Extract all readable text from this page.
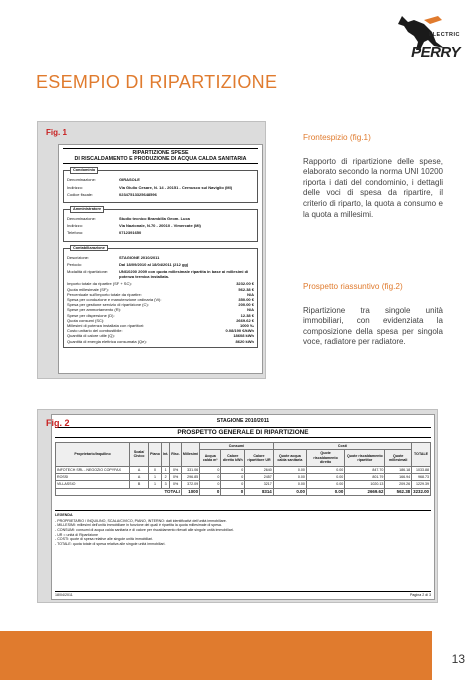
ELECTRIC
PERRY
ESEMPIO DI RIPARTIZIONE
Fig. 1
RIPARTIZIONE SPESE
DI RISCALDAMENTO E PRODUZIONE DI ACQUA CALDA SANITARIA
Condominio
Denominazione:	GIRASOLE
Indirizzo:	Via Giulio Cesare, N. 14 - 20151 - Cernusco sul Naviglio (MI)
Codice fiscale:	02347513325648596
Amministratore
Denominazione:	Studio tecnico Brambilla Geom. Luca
Indirizzo:	Via Nazionale, N.70 - 20010 - Vimercate (MI)
Telefono:	0712391650
Contabilizzazione
Descrizione:	STAGIONE 2010/2011
Periodo:	Dal 18/09/2010 al 18/04/2011 (212 gg)
Modalità di ripartizione:	UNI10200 2009 con quota millesimale ripartita in base ai millesimi di potenza termica installata.
Importo totale da ripartire (SF + SC):	3232.00 €
Quota millesimale (SF):	562.38 €
Percentuale sull'importo totale da ripartire:	N/A
Spesa per conduzione e manutenzione ordinaria (Vi):	350.00 €
Spesa per gestione servizio di ripartizione (C):	200.00 €
Spese per ammortamento (R):	N/A
Spese per dispersione (D):	12.38 €
Quota consumi (SC):	2669.62 €
Millesimi di potenza installata con ripartitori:	1000 ‰
Costo unitario del combustibile:	0.08/190 €/kWh
Quantità di calore utile (Q):	18608 kWh
Quantità di energia elettrica consumata (Qe):	8620 kWh
Frontespizio (fig.1)
Rapporto di ripartizione delle spese, elaborato secondo la norma UNI 10200 riporta i dati del condominio, i dettagli delle voci di spesa da ripartire, il criterio di riparto, la quota a consumo e la quota a millesimi.
Prospetto riassuntivo (fig.2)
Ripartizione tra singole unità immobiliari, con evidenziata la composizione della spesa per singola voce, radiatore per radiatore.
STAGIONE 2010/2011
PROSPETTO GENERALE DI RIPARTIZIONE
Proprietario/Inquilino	Scala/ Civico	Piano	Int.	Risc.	Millesimi	Consumi			Costi				TOTALE
						Acqua calda m³	Calore diretto kWh	Calore ripartitore UR	Quote acqua calda sanitaria	Quote riscaldamento diretto	Quote riscaldamento ripartitor	Quote millesimali	
INFOTECH SRL - NEGOZIO COPYFAX	A	0	1	0%	331.06	0	0	2640	0.00	0.00	847.70	186.18	1033.88
ROSSI	A	1	2	0%	296.85	0	0	2457	0.00	0.00	801.79	166.94	968.73
VILLASSIO	B	1	3	0%	372.09	0	0	3217	0.00	0.00	1020.13	209.26	1229.39
TOTALI					1000	0	0	8314	0.00	0.00	2669.62	562.38	3232.00
LEGENDA
- PROPRIETARIO / INQUILINO, SCALA/CIVICO, PIANO, INTERNO: dati identificativi dell'unità immobiliare.
- MILLESIMI: millesimi dell'unità immobiliare in funzione dei quali è ripartita la quota millesimale di spesa.
- CONSUMI: consumi di acqua calda sanitaria e di calore per riscaldamento rilevati alle singole unità immobiliari.
- UR = unità di Ripartizione
- COSTI: quote di spesa relative alle singole unità immobiliari.
- TOTALE: quota totale di spesa relativa alle singole unità immobiliari.
18/04/2011	Pagina 2 di 3
Fig. 2
13
